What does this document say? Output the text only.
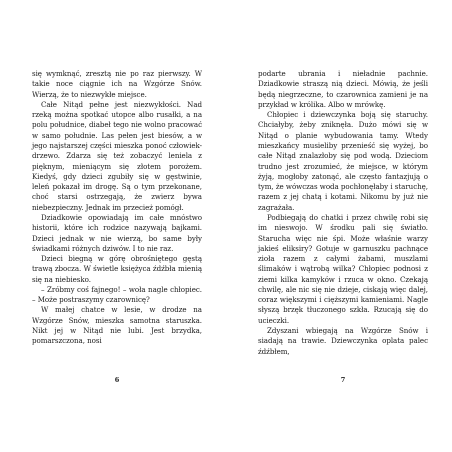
się wymknąć, zresztą nie po raz pierwszy. W takie noce ciągnie ich na Wzgórze Snów. Wierzą, że to niezwykłe miejsce.

Całe Nitąd pełne jest niezwykłości. Nad rzeką można spotkać utopce albo rusałki, a na polu południce, diabeł tego nie wolno pracować w samo południe. Las pełen jest biesów, a w jego najstarszej części mieszka ponoć człowiek-drzewo. Zdarza się też zobaczyć leniela z pięknym, mieniącym się złotem porożem. Kiedyś, gdy dzieci zgubiły się w gęstwinie, leleń pokazał im drogę. Są o tym przekonane, choć starsi ostrzegają, że zwierz bywa niebezpieczny. Jednak im przecież pomógł.

Dziadkowie opowiadają im całe mnóstwo historii, które ich rodzice nazywają bajkami. Dzieci jednak w nie wierzą, bo same były świadkami różnych dziwów. I to nie raz.

Dzieci biegną w górę obrośniętego gęstą trawą zbocza. W świetle księżyca źdźbła mienią się na niebiesko.

– Zróbmy coś fajnego! – woła nagle chłopiec. – Może postraszymy czarownicę?

W małej chatce w lesie, w drodze na Wzgórze Snów, mieszka samotna staruszka. Nikt jej w Nitąd nie lubi. Jest brzydka, pomarszczona, nosi

6

podarte ubrania i nieładnie pachnie. Dziadkowie straszą nią dzieci. Mówią, że jeśli będą niegrzeczne, to czarownica zamieni je na przykład w królika. Albo w mrówkę.

Chłopiec i dziewczynka boją się staruchy. Chciałyby, żeby zniknęła. Dużo mówi się w Nitąd o planie wybudowania tamy. Wtedy mieszkańcy musieliby przenieść się wyżej, bo całe Nitąd znalazłoby się pod wodą. Dzieciom trudno jest zrozumieć, że miejsce, w którym żyją, mogłoby zatonąć, ale często fantazjują o tym, że wówczas woda pochłonęłaby i staruchę, razem z jej chatą i kotami. Nikomu by już nie zagrażała.

Podbiegają do chatki i przez chwilę robi się im nieswojo. W środku pali się światło. Starucha więc nie śpi. Może właśnie warzy jakieś eliksiry? Gotuje w garnuszku pachnące zioła razem z całymi żabami, muszlami ślimaków i wątrobą wilka? Chłopiec podnosi z ziemi kilka kamyków i rzuca w okno. Czekają chwilę, ale nic się nie dzieje, ciskają więc dalej, coraz większymi i cięższymi kamieniami. Nagle słyszą brzęk tłuczonego szkła. Rzucają się do ucieczki.

Zdyszani wbiegają na Wzgórze Snów i siadają na trawie. Dziewczynka oplata palec źdźbłem,

7
